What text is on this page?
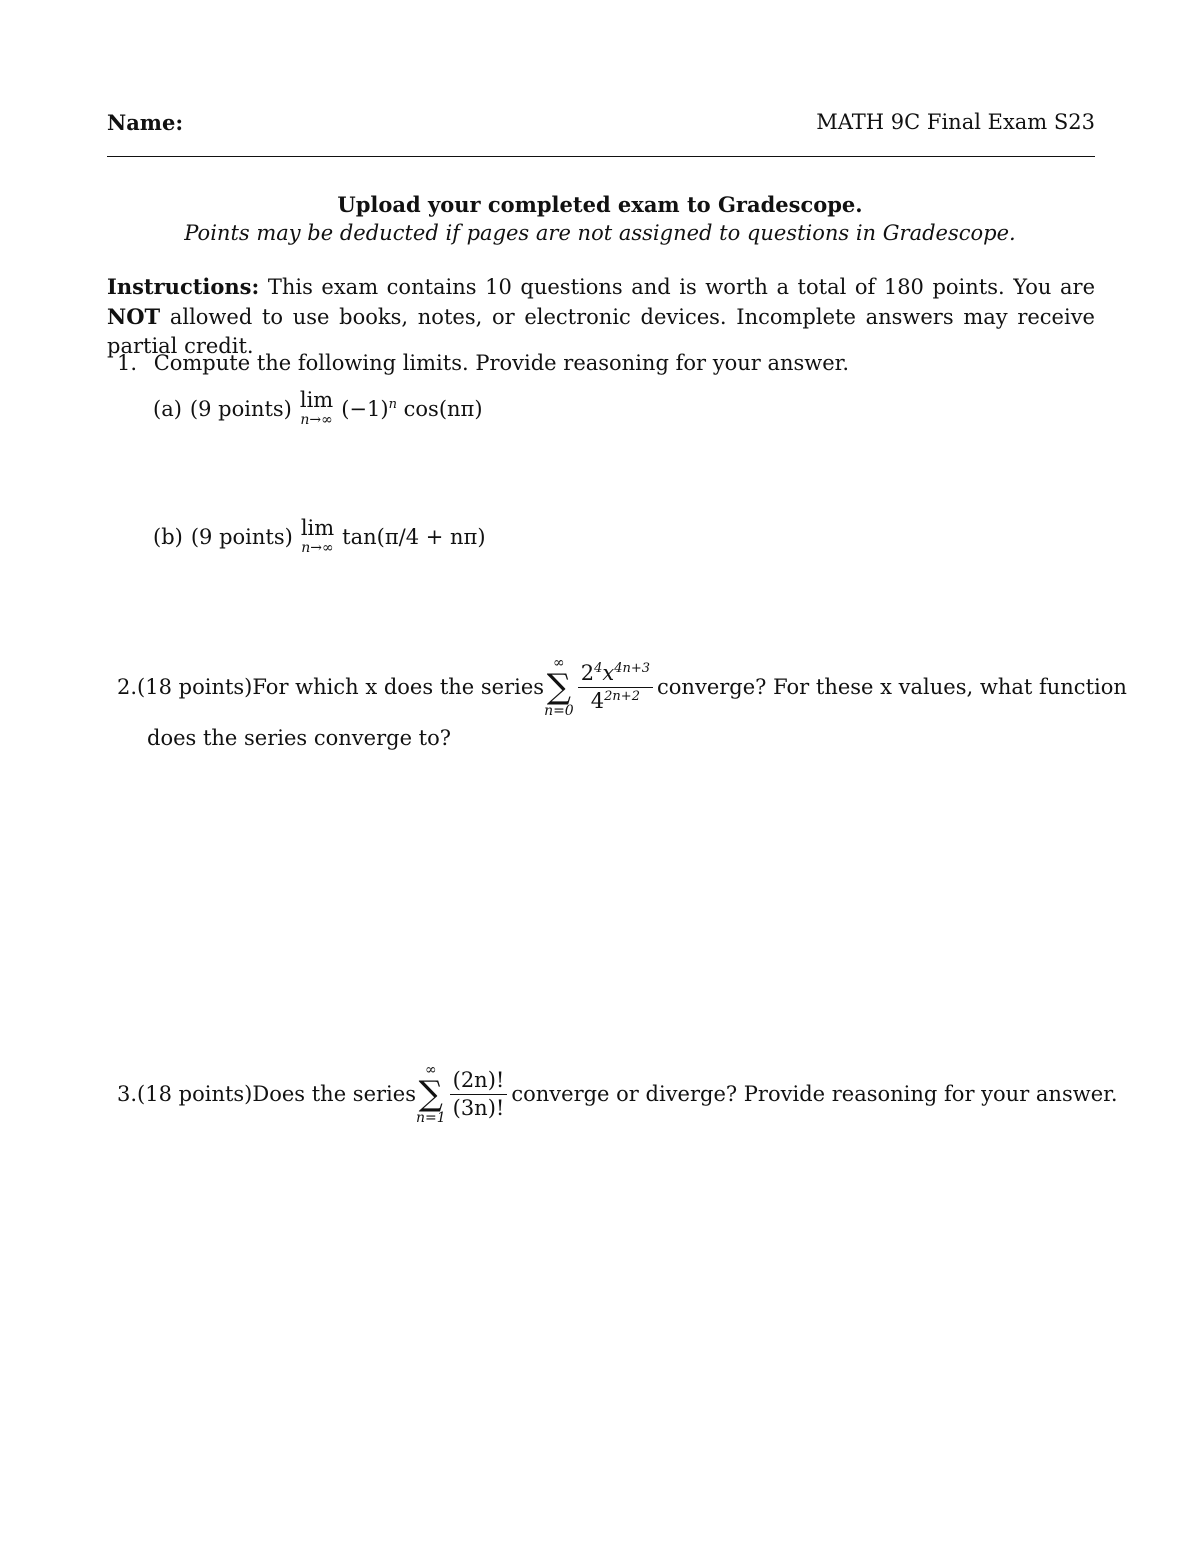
Name:	MATH 9C Final Exam S23
Upload your completed exam to Gradescope.
Points may be deducted if pages are not assigned to questions in Gradescope.
Instructions: This exam contains 10 questions and is worth a total of 180 points. You are NOT allowed to use books, notes, or electronic devices. Incomplete answers may receive partial credit.
1. Compute the following limits. Provide reasoning for your answer.
(a) (9 points) lim
n→∞ $(-1)^n$ cos(nπ)
(b) (9 points) lim
n→∞ tan(π/4 + nπ)
2. (18 points) For which x does the series
∞
∑
$n=0 \frac{2^4x^{4n+3}}{4^{2n+2}}$ converge? For these x values, what function
does the series converge to?
3. (18 points) Does the series
∞
∑
$n=1 \frac{(2n)!}{(3n)!}$ converge or diverge? Provide reasoning for your answer.
